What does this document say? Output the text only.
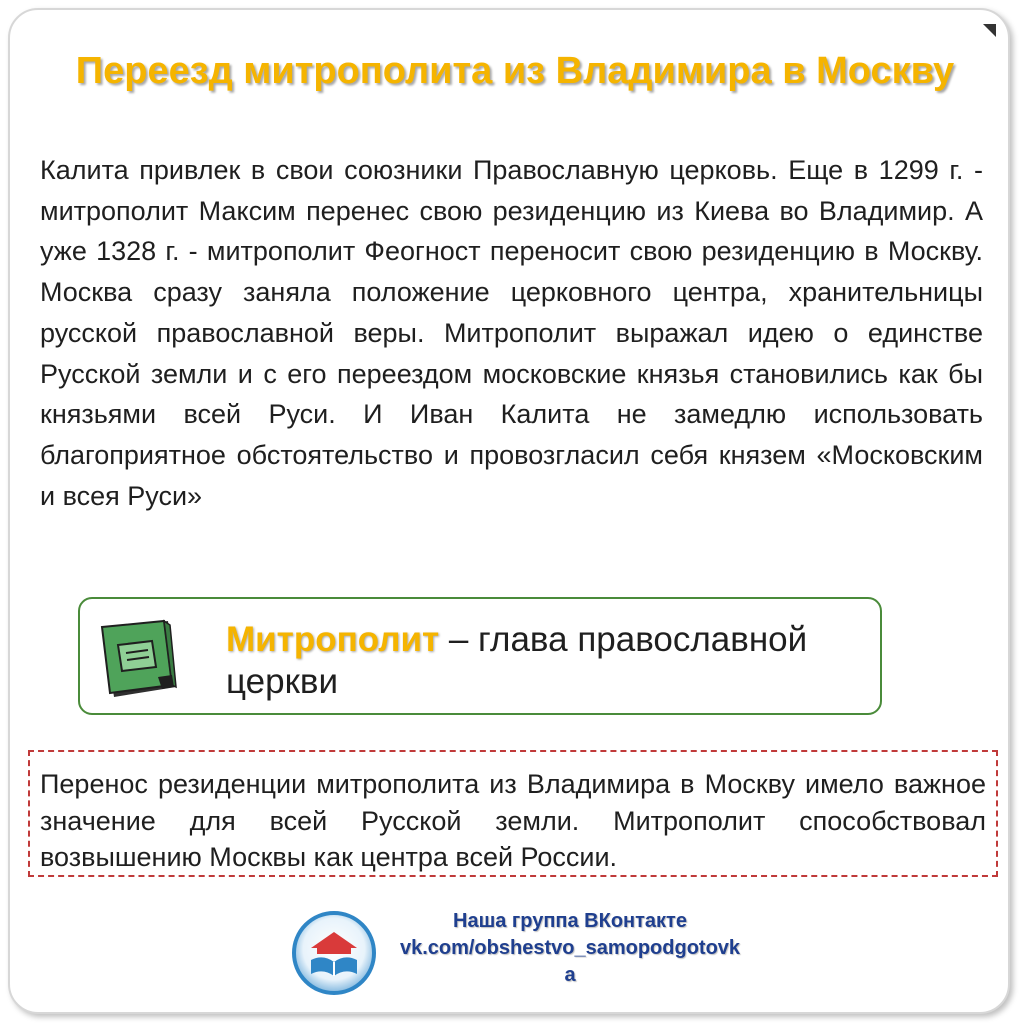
Переезд митрополита из Владимира в Москву
Калита привлек в свои союзники Православную церковь. Еще в 1299 г. - митрополит Максим перенес свою резиденцию из Киева во Владимир. А уже 1328 г. - митрополит Феогност переносит свою резиденцию в Москву. Москва сразу заняла положение церковного центра, хранительницы русской православной веры. Митрополит выражал идею о единстве Русской земли и с его переездом московские князья становились как бы князьями всей Руси. И Иван Калита не замедлю использовать благоприятное обстоятельство и провозгласил себя князем «Московским и всея Руси»
Митрополит – глава православной церкви
Перенос резиденции митрополита из Владимира в Москву имело важное значение для всей Русской земли. Митрополит способствовал возвышению Москвы как центра всей России.
Наша группа ВКонтакте
vk.com/obshestvo_samopodgotovk
a
